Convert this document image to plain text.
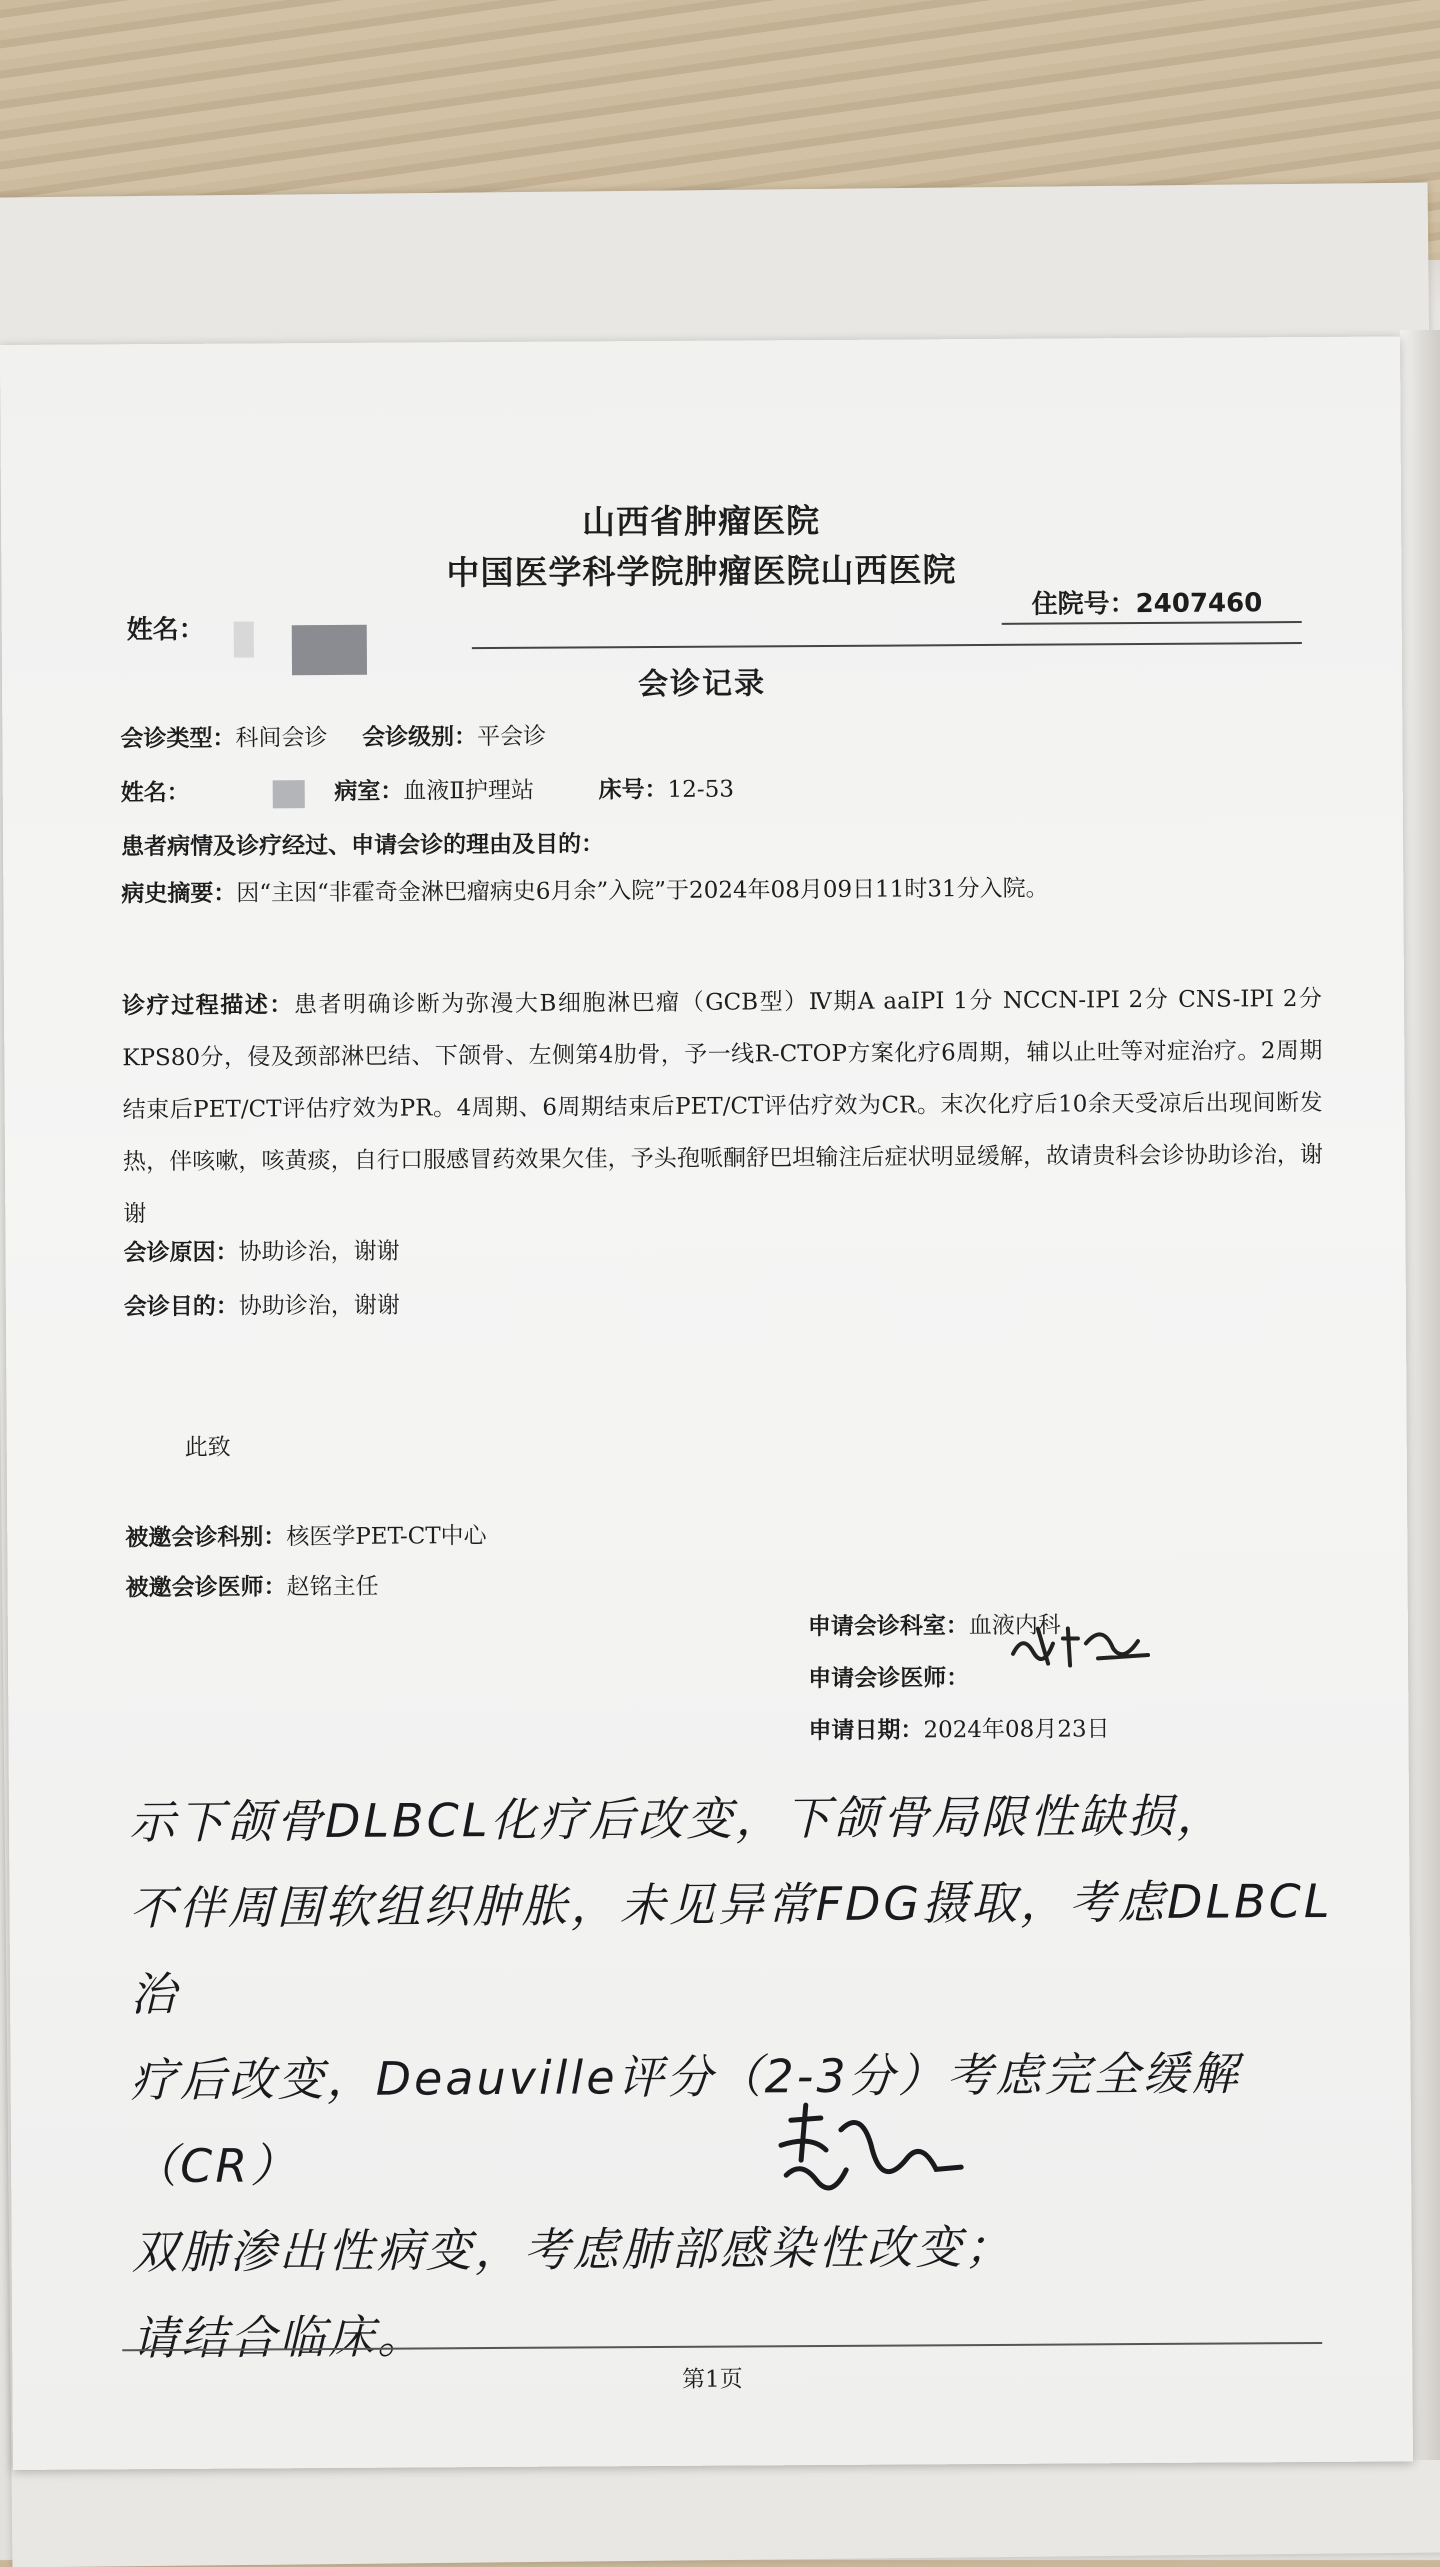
山西省肿瘤医院
中国医学科学院肿瘤医院山西医院
住院号：2407460
姓名：
会诊记录
会诊类型：科间会诊 会诊级别：平会诊
姓名：	病室：血液Ⅱ护理站	床号：12-53
患者病情及诊疗经过、申请会诊的理由及目的：
病史摘要：因“主因“非霍奇金淋巴瘤病史6月余”入院”于2024年08月09日11时31分入院。
诊疗过程描述：患者明确诊断为弥漫大B细胞淋巴瘤（GCB型）Ⅳ期A aaIPI 1分 NCCN-IPI 2分 CNS-IPI 2分 KPS80分，侵及颈部淋巴结、下颌骨、左侧第4肋骨，予一线R-CTOP方案化疗6周期，辅以止吐等对症治疗。2周期结束后PET/CT评估疗效为PR。4周期、6周期结束后PET/CT评估疗效为CR。末次化疗后10余天受凉后出现间断发热，伴咳嗽，咳黄痰，自行口服感冒药效果欠佳，予头孢哌酮舒巴坦输注后症状明显缓解，故请贵科会诊协助诊治，谢谢
会诊原因：协助诊治，谢谢
会诊目的：协助诊治，谢谢
此致
被邀会诊科别：核医学PET-CT中心
被邀会诊医师：赵铭主任
申请会诊科室：血液内科
申请会诊医师：
申请日期：2024年08月23日
示下颌骨DLBCL化疗后改变，下颌骨局限性缺损，
不伴周围软组织肿胀，未见异常FDG摄取，考虑DLBCL治
疗后改变，Deauville评分（2-3分）考虑完全缓解（CR）
双肺渗出性病变，考虑肺部感染性改变；
请结合临床。
第1页
